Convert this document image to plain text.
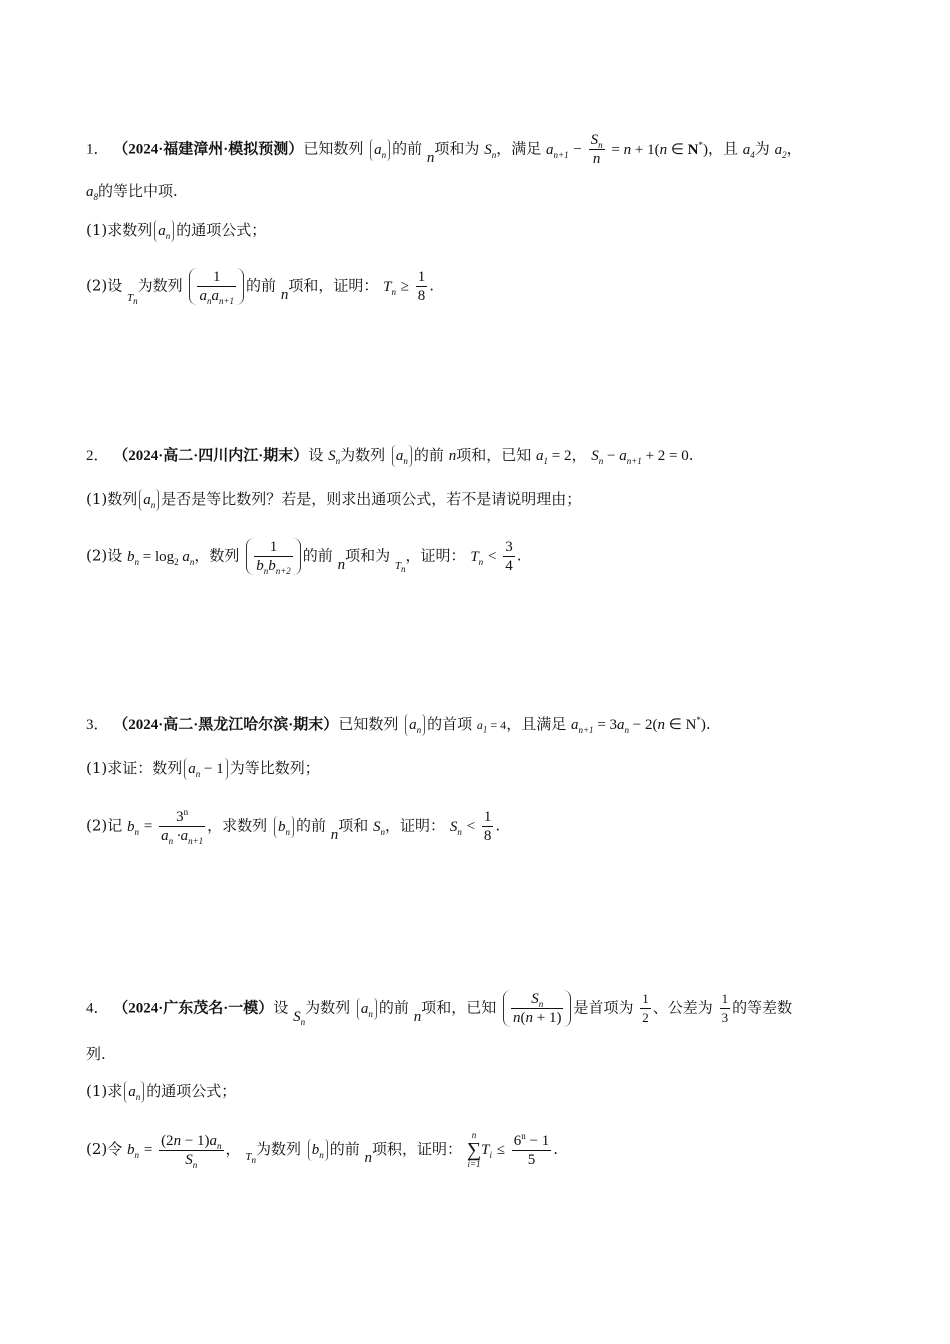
1． （2024·福建漳州·模拟预测）已知数列 $a_n$ 的前 n项和为 $S_n$，满足 $a_{n+1} - \frac{S_n}{n} = n + 1(n$ ∈ N*)，且 $a_4$为 $a_2$，
$a_8$的等比中项.
(1)求数列 $a_n$ 的通项公式；
(2)设 $_{T_n}$为数列 $\frac{1}{a_na_{n+1}}$ 的前 n项和，证明： $T_n \ge \frac{1}{8}$ .
2． （2024·高二·四川内江·期末）设 $S_n$为数列 $a_n$ 的前 n项和，已知 $a_1 = 2$， $S_n - a_{n+1} + 2 = 0$.
(1)数列 $a_n$ 是否是等比数列？若是，则求出通项公式，若不是请说明理由；
(2)设 $b_n = \log_2 a_n$，数列 $\frac{1}{b_nb_{n+2}}$ 的前 n项和为 $_{T_n}$，证明： $T_n < \frac{3}{4}$ .
3． （2024·高二·黑龙江哈尔滨·期末）已知数列 $a_n$ 的首项 $a_1 = 4$，且满足 $a_{n+1} = 3a_n - 2(n$ ∈ N*).
(1)求证：数列 $a_n - 1$ 为等比数列；
(2)记 $b_n = \frac{3^n}{a_n \cdot a_{n+1}}$ ，求数列 $b_n$ 的前 n项和 $S_n$，证明： $S_n < \frac{1}{8}$ .
4． （2024·广东茂名·一模）设 $S_n$为数列 $a_n$ 的前 n项和，已知 $\frac{S_n}{n(n + 1)}$ 是首项为 $\frac{1}{2}$ 、公差为 $\frac{1}{3}$ 的等差数
列.
(1)求 $a_n$ 的通项公式；
(2)令 $b_n = \frac{(2n - 1)a_n}{S_n}$ ， $_{T_n}$为数列 $b_n$ 的前 n项积，证明：
n
∑
i=1
$T_i \le \frac{6^n - 1}{5}$ .
